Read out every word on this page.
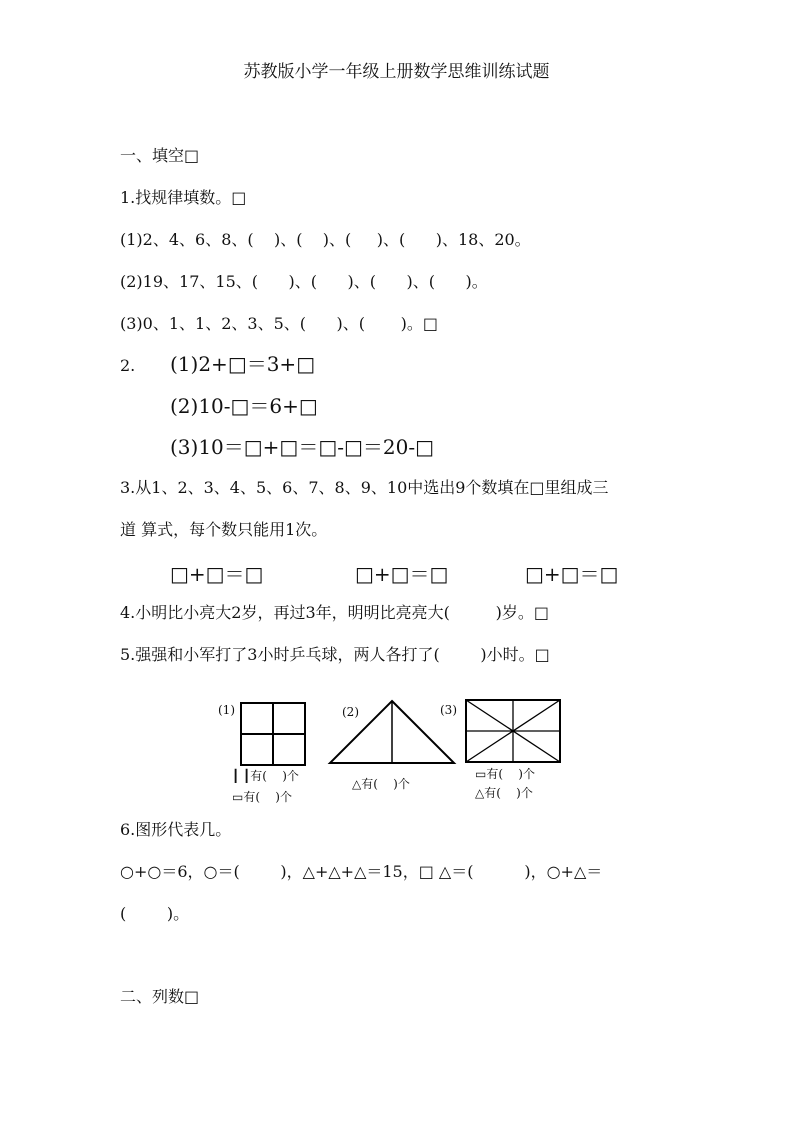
苏教版小学一年级上册数学思维训练试题
一、填空□
1.找规律填数。□
(1)2、4、6、8、(    )、(    )、(     )、(      )、18、20。
(2)19、17、15、(      )、(      )、(      )、(      )。
(3)0、1、1、2、3、5、(      )、(       )。□
2. (1)2+□＝3+□
(2)10-□＝6+□
(3)10＝□+□＝□-□＝20-□
3.从1、2、3、4、5、6、7、8、9、10中选出9个数填在□里组成三
道 算式，每个数只能用1次。
□+□＝□	□+□＝□	□+□＝□
4.小明比小亮大2岁，再过3年，明明比亮亮大(         )岁。□
5.强强和小军打了3小时乒乓球，两人各打了(        )小时。□
(1)
┃ ┃有(    )个
▭有(    )个
(2)
△有(    )个
(3)
▭有(    )个
△有(    )个
6.图形代表几。
○+○＝6，○＝(        )，△+△+△＝15，□ △＝(          )，○+△＝
(        )。
二、列数□
